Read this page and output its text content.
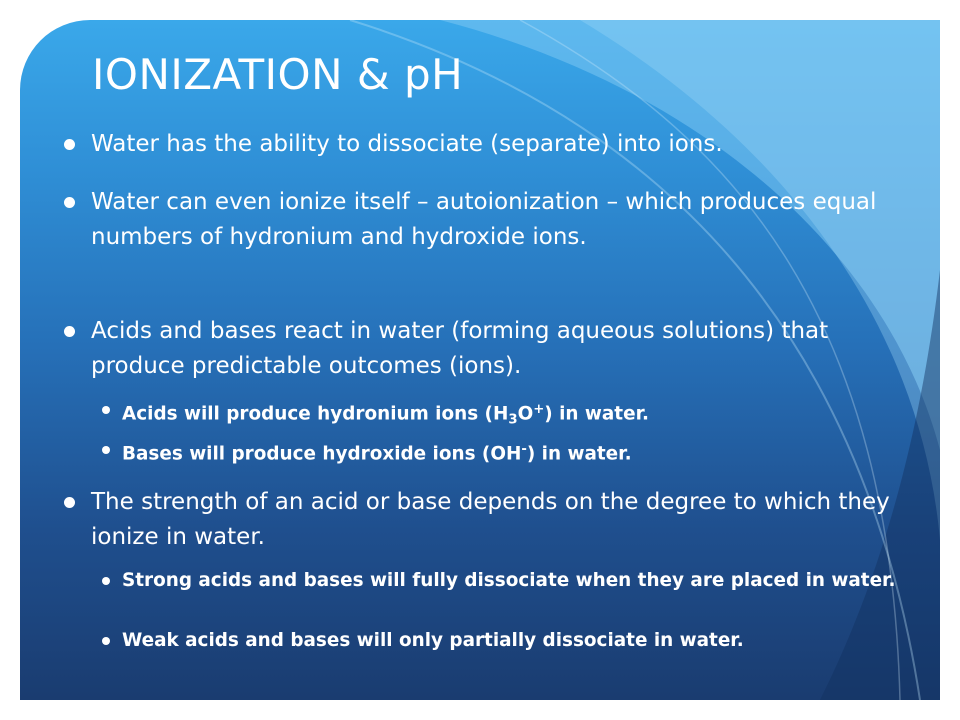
IONIZATION & pH
Water has the ability to dissociate (separate) into ions.
Water can even ionize itself – autoionization – which produces equal numbers of hydronium and hydroxide ions.
Acids and bases react in water (forming aqueous solutions) that produce predictable outcomes (ions).
Acids will produce hydronium ions $(H_3O^+)$ in water.
Bases will produce hydroxide ions (OH-) in water.
The strength of an acid or base depends on the degree to which they ionize in water.
Strong acids and bases will fully dissociate when they are placed in water.
Weak acids and bases will only partially dissociate in water.
